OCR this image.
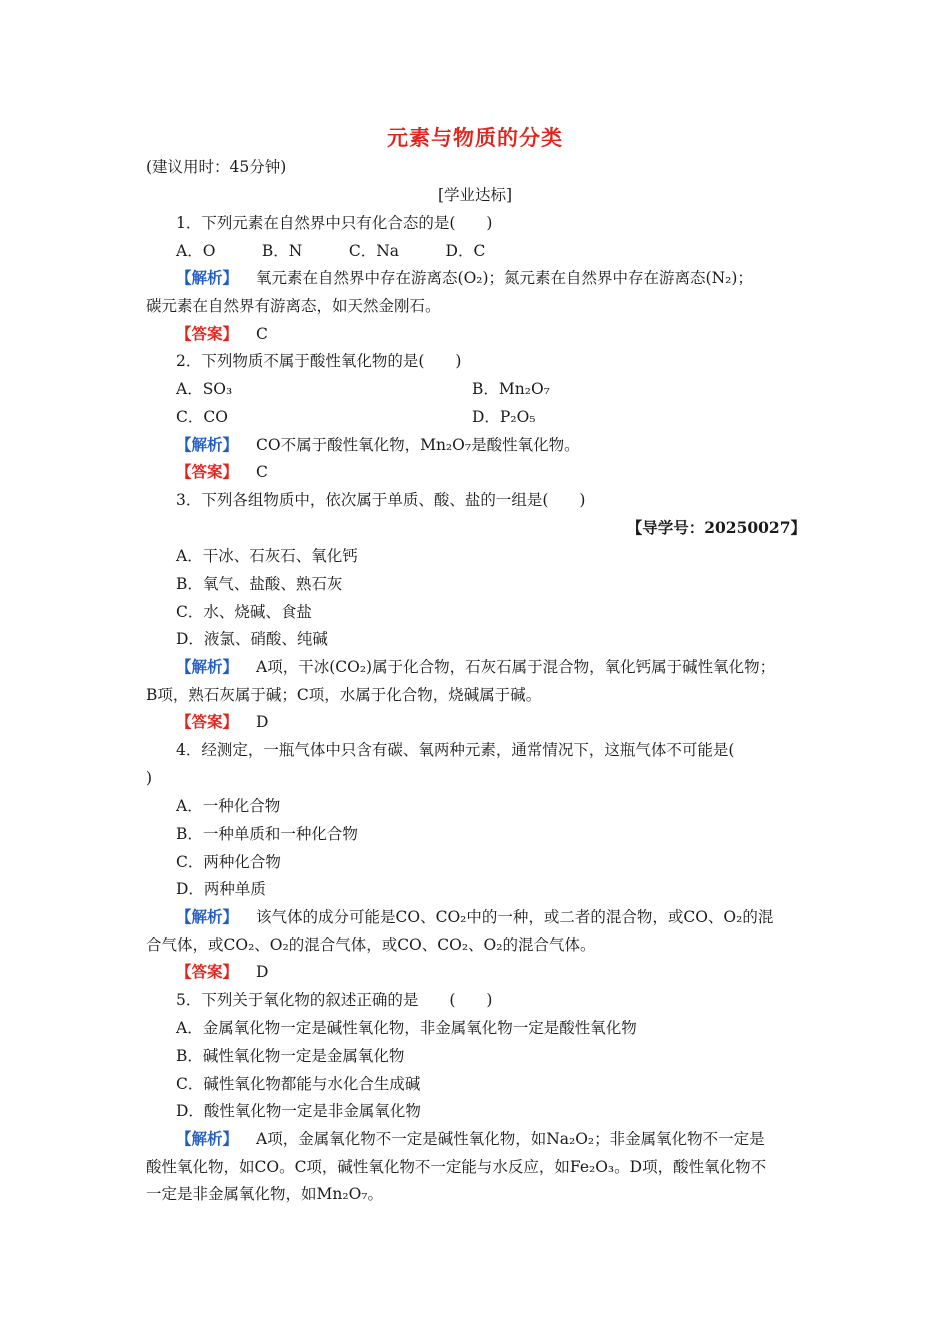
元素与物质的分类
(建议用时：45分钟)
[学业达标]
1．下列元素在自然界中只有化合态的是(　　)
A．O　　　B．N　　　C．Na　　　D．C
【解析】 氧元素在自然界中存在游离态(O₂)；氮元素在自然界中存在游离态(N₂)；
碳元素在自然界有游离态，如天然金刚石。
【答案】 C
2．下列物质不属于酸性氧化物的是(　　)
A．SO₃	B．Mn₂O₇
C．CO	D．P₂O₅
【解析】 CO不属于酸性氧化物，Mn₂O₇是酸性氧化物。
【答案】 C
3．下列各组物质中，依次属于单质、酸、盐的一组是(　　)
【导学号：20250027】
A．干冰、石灰石、氧化钙
B．氧气、盐酸、熟石灰
C．水、烧碱、食盐
D．液氯、硝酸、纯碱
【解析】 A项，干冰(CO₂)属于化合物，石灰石属于混合物，氧化钙属于碱性氧化物；
B项，熟石灰属于碱；C项，水属于化合物，烧碱属于碱。
【答案】 D
4．经测定，一瓶气体中只含有碳、氧两种元素，通常情况下，这瓶气体不可能是(
)
A．一种化合物
B．一种单质和一种化合物
C．两种化合物
D．两种单质
【解析】 该气体的成分可能是CO、CO₂中的一种，或二者的混合物，或CO、O₂的混
合气体，或CO₂、O₂的混合气体，或CO、CO₂、O₂的混合气体。
【答案】 D
5．下列关于氧化物的叙述正确的是　　(　　)
A．金属氧化物一定是碱性氧化物，非金属氧化物一定是酸性氧化物
B．碱性氧化物一定是金属氧化物
C．碱性氧化物都能与水化合生成碱
D．酸性氧化物一定是非金属氧化物
【解析】 A项，金属氧化物不一定是碱性氧化物，如Na₂O₂；非金属氧化物不一定是
酸性氧化物，如CO。C项，碱性氧化物不一定能与水反应，如Fe₂O₃。D项，酸性氧化物不
一定是非金属氧化物，如Mn₂O₇。
